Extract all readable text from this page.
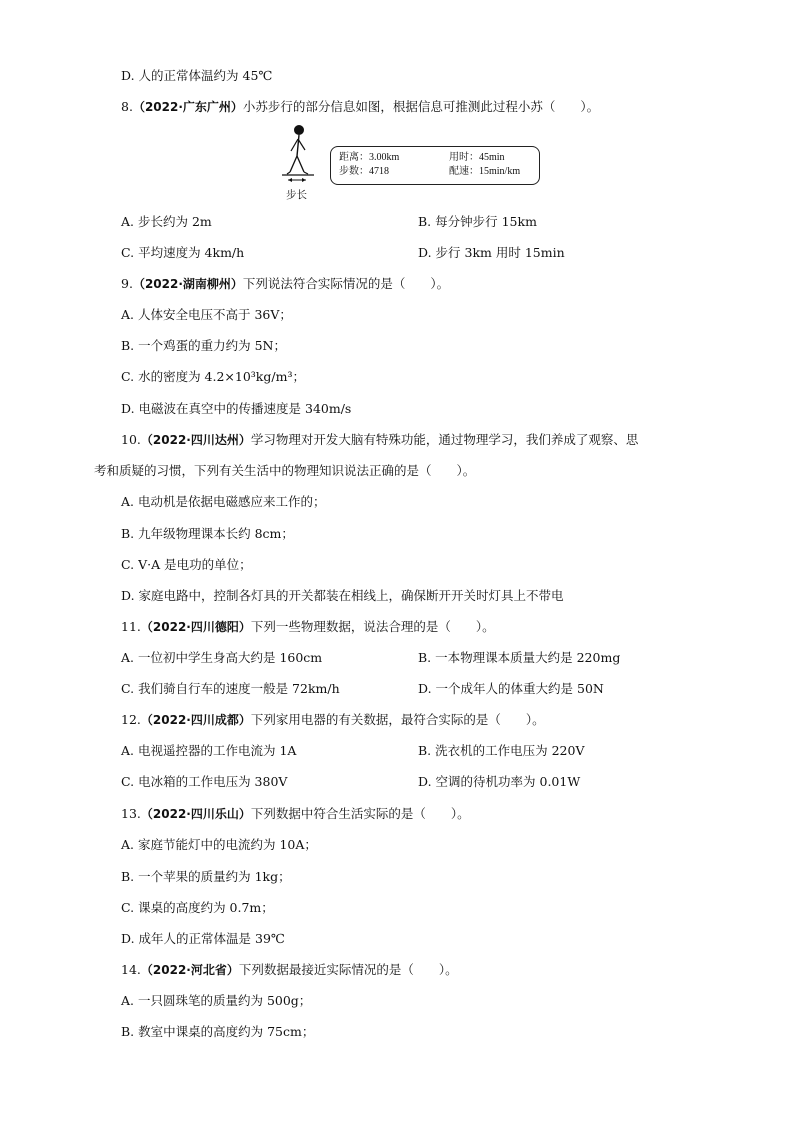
D. 人的正常体温约为 45℃
8.（2022·广东广州）小苏步行的部分信息如图，根据信息可推测此过程小苏（　　）。
步长
距离：3.00km	用时：45min
步数：4718	配速：15min/km
A. 步长约为 2m	B. 每分钟步行 15km
C. 平均速度为 4km/h	D. 步行 3km 用时 15min
9.（2022·湖南柳州）下列说法符合实际情况的是（　　）。
A. 人体安全电压不高于 36V；
B. 一个鸡蛋的重力约为 5N；
C. 水的密度为 4.2×10³kg/m³；
D. 电磁波在真空中的传播速度是 340m/s
10.（2022·四川达州）学习物理对开发大脑有特殊功能，通过物理学习，我们养成了观察、思
考和质疑的习惯，下列有关生活中的物理知识说法正确的是（　　）。
A. 电动机是依据电磁感应来工作的；
B. 九年级物理课本长约 8cm；
C. V·A 是电功的单位；
D. 家庭电路中，控制各灯具的开关都装在相线上，确保断开开关时灯具上不带电
11.（2022·四川德阳）下列一些物理数据，说法合理的是（　　）。
A. 一位初中学生身高大约是 160cm	B. 一本物理课本质量大约是 220mg
C. 我们骑自行车的速度一般是 72km/h	D. 一个成年人的体重大约是 50N
12.（2022·四川成都）下列家用电器的有关数据，最符合实际的是（　　）。
A. 电视遥控器的工作电流为 1A	B. 洗衣机的工作电压为 220V
C. 电冰箱的工作电压为 380V	D. 空调的待机功率为 0.01W
13.（2022·四川乐山）下列数据中符合生活实际的是（　　）。
A. 家庭节能灯中的电流约为 10A；
B. 一个苹果的质量约为 1kg；
C. 课桌的高度约为 0.7m；
D. 成年人的正常体温是 39℃
14.（2022·河北省）下列数据最接近实际情况的是（　　）。
A. 一只圆珠笔的质量约为 500g；
B. 教室中课桌的高度约为 75cm；
